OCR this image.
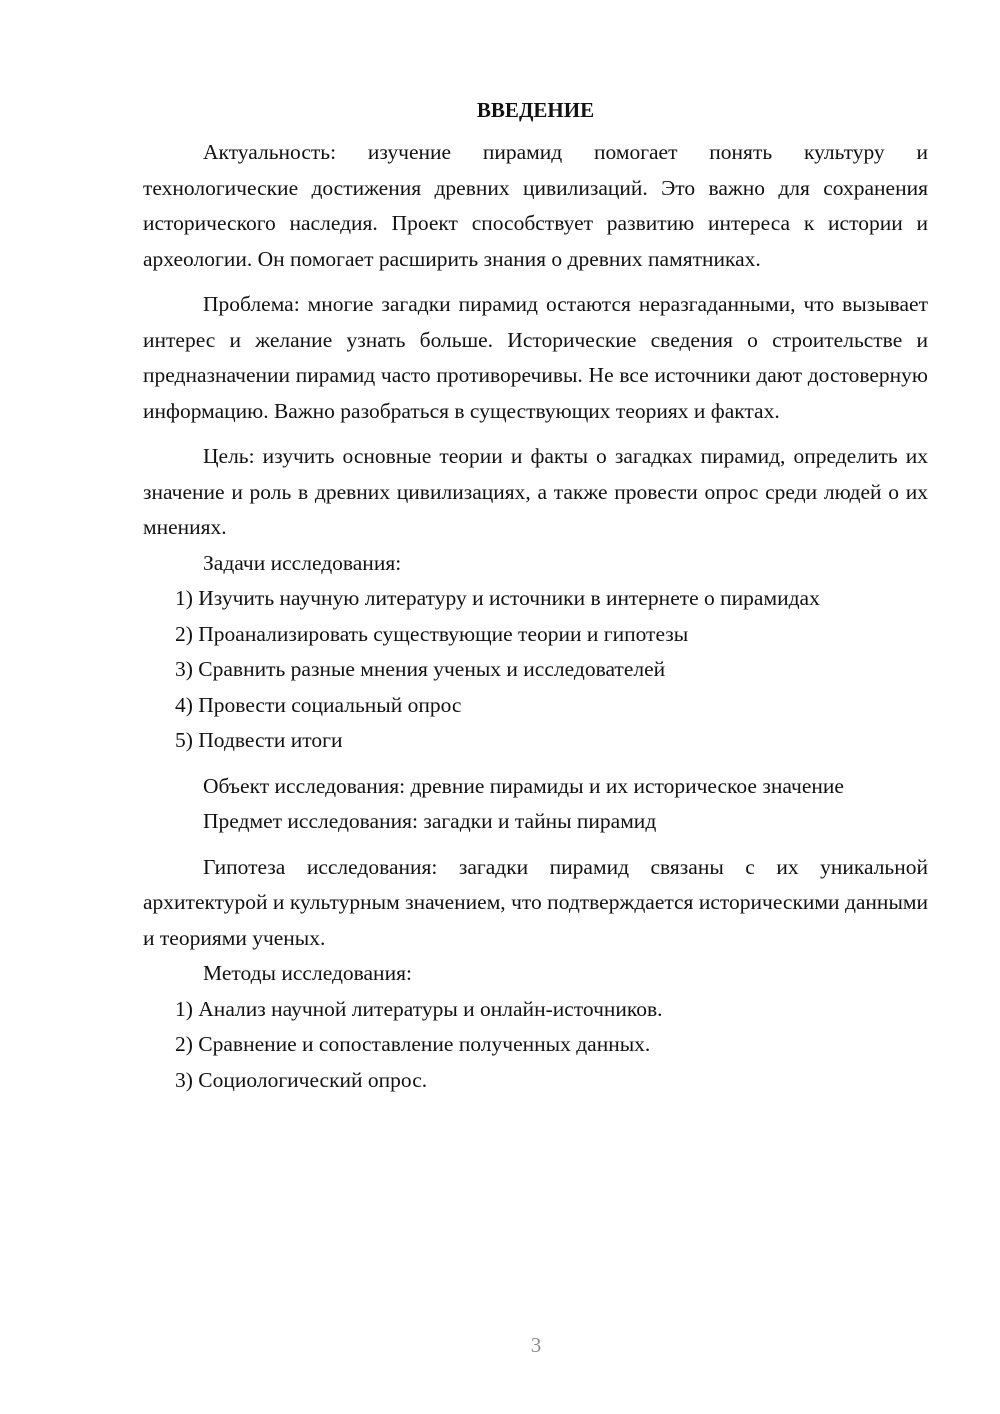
ВВЕДЕНИЕ

Актуальность: изучение пирамид помогает понять культуру и технологические достижения древних цивилизаций. Это важно для сохранения исторического наследия. Проект способствует развитию интереса к истории и археологии. Он помогает расширить знания о древних памятниках.

Проблема: многие загадки пирамид остаются неразгаданными, что вызывает интерес и желание узнать больше. Исторические сведения о строительстве и предназначении пирамид часто противоречивы. Не все источники дают достоверную информацию. Важно разобраться в существующих теориях и фактах.

Цель: изучить основные теории и факты о загадках пирамид, определить их значение и роль в древних цивилизациях, а также провести опрос среди людей о их мнениях.

Задачи исследования:

1) Изучить научную литературу и источники в интернете о пирамидах

2) Проанализировать существующие теории и гипотезы

3) Сравнить разные мнения ученых и исследователей

4) Провести социальный опрос

5) Подвести итоги

Объект исследования: древние пирамиды и их историческое значение

Предмет исследования: загадки и тайны пирамид

Гипотеза исследования: загадки пирамид связаны с их уникальной архитектурой и культурным значением, что подтверждается историческими данными и теориями ученых.

Методы исследования:

1) Анализ научной литературы и онлайн-источников.

2) Сравнение и сопоставление полученных данных.

3) Социологический опрос.

3
